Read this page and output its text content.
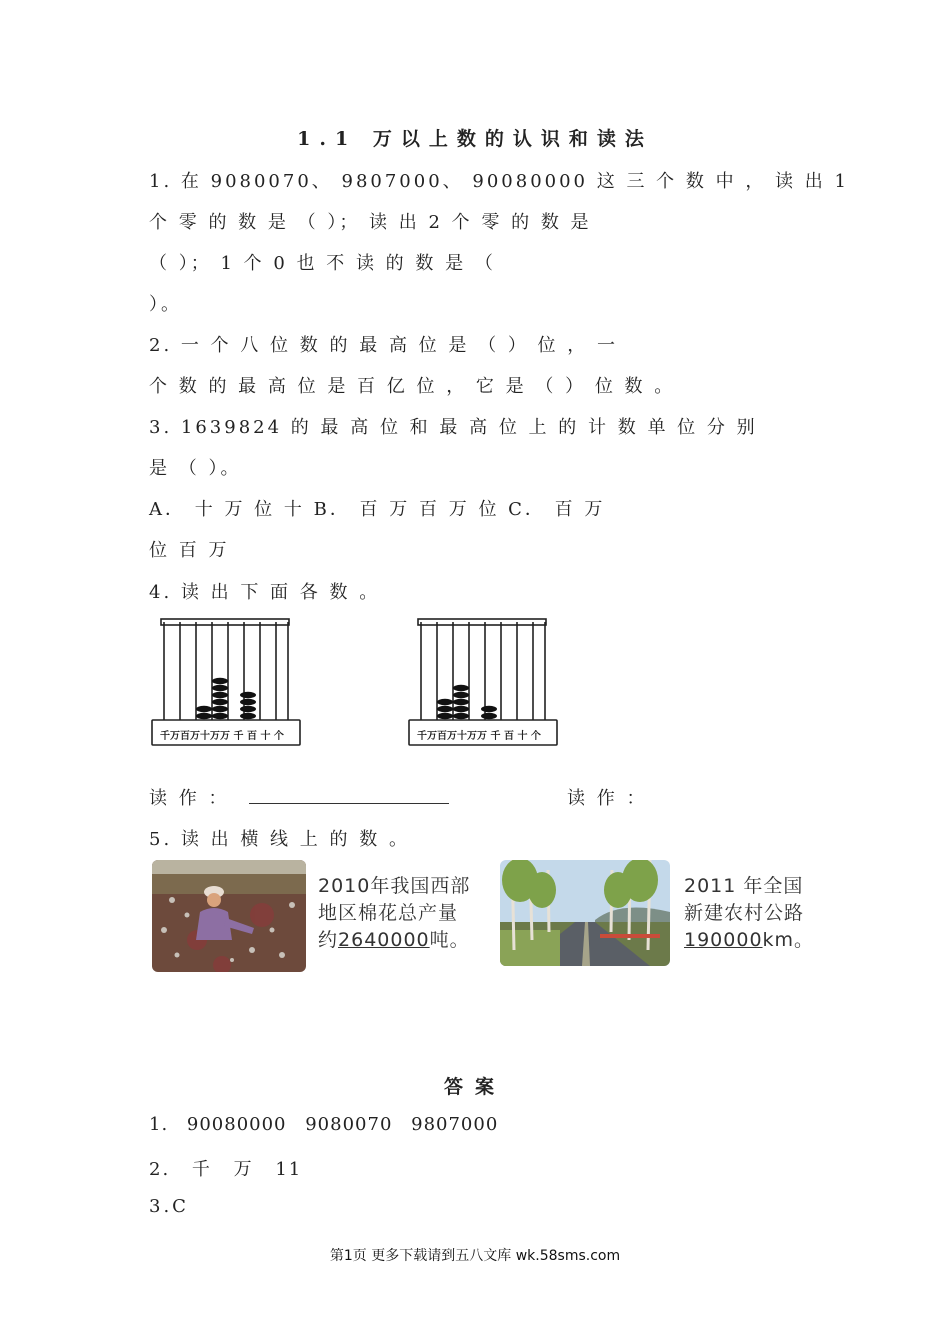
1.1 万以上数的认识和读法
1. 在 9080070、 9807000、 90080000 这 三 个 数 中 ， 读 出 1
个 零 的 数 是 （ ）； 读 出 2 个 零 的 数 是
（ ）； 1 个 0 也 不 读 的 数 是 （
）。
2. 一 个 八 位 数 的 最 高 位 是 （ ） 位 ， 一
个 数 的 最 高 位 是 百 亿 位 ， 它 是 （ ） 位 数 。
3. 1639824 的 最 高 位 和 最 高 位 上 的 计 数 单 位 分 别
是 （ ）。
A． 十 万 位 十 B． 百 万 百 万 位 C． 百 万
位 百 万
4. 读 出 下 面 各 数 。
千万百万十万万 千 百 十 个	千万百万十万万 千 百 十 个
读 作 ：	读 作 ：
5. 读 出 横 线 上 的 数 。
2010年我国西部
地区棉花总产量
约2640000吨。
2011 年全国
新建农村公路
190000km。
答案
1. 90080000 9080070 9807000
2. 千 万 11
3.C
第1页 更多下载请到五八文库 wk.58sms.com
